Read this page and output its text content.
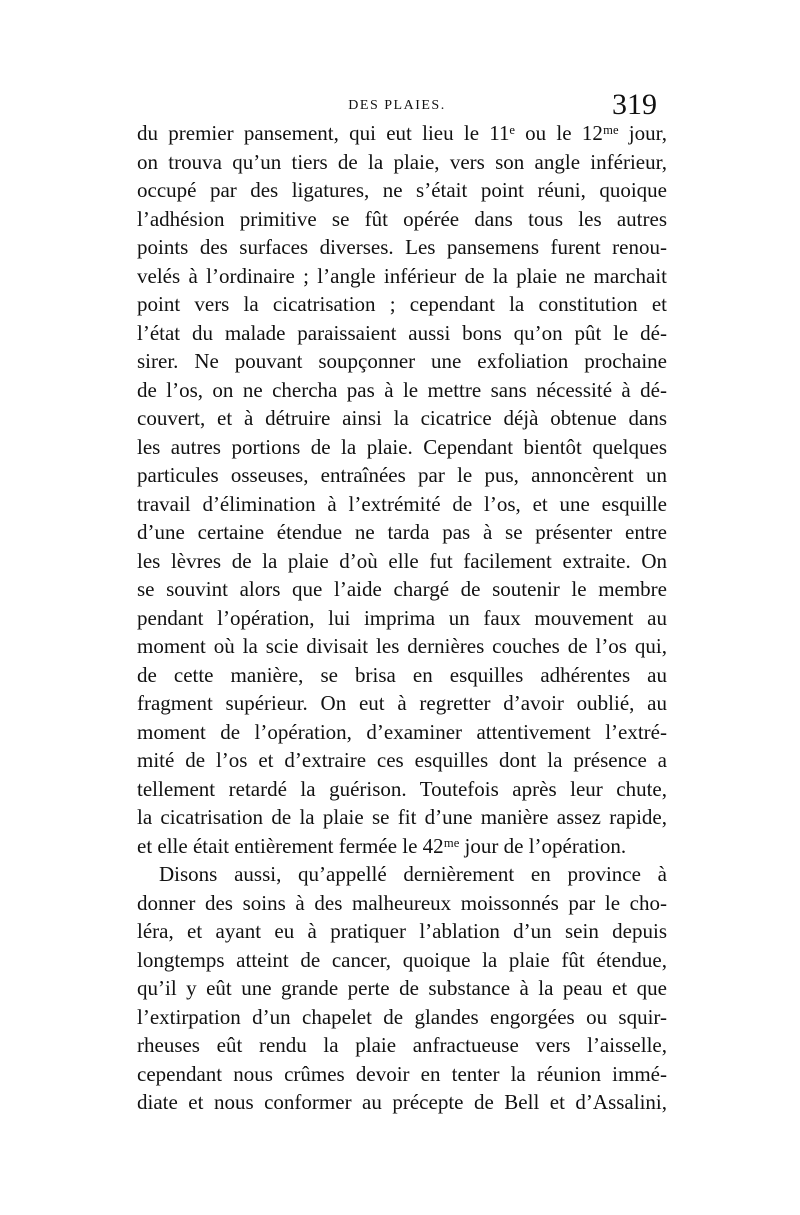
DES PLAIES.	319
du premier pansement, qui eut lieu le 11ᵉ ou le 12ᵐᵉ jour,
on trouva qu’un tiers de la plaie, vers son angle inférieur,
occupé par des ligatures, ne s’était point réuni, quoique
l’adhésion primitive se fût opérée dans tous les autres
points des surfaces diverses. Les pansemens furent renou-
velés à l’ordinaire ; l’angle inférieur de la plaie ne marchait
point vers la cicatrisation ; cependant la constitution et
l’état du malade paraissaient aussi bons qu’on pût le dé-
sirer. Ne pouvant soupçonner une exfoliation prochaine
de l’os, on ne chercha pas à le mettre sans nécessité à dé-
couvert, et à détruire ainsi la cicatrice déjà obtenue dans
les autres portions de la plaie. Cependant bientôt quelques
particules osseuses, entraînées par le pus, annoncèrent un
travail d’élimination à l’extrémité de l’os, et une esquille
d’une certaine étendue ne tarda pas à se présenter entre
les lèvres de la plaie d’où elle fut facilement extraite. On
se souvint alors que l’aide chargé de soutenir le membre
pendant l’opération, lui imprima un faux mouvement au
moment où la scie divisait les dernières couches de l’os qui,
de cette manière, se brisa en esquilles adhérentes au
fragment supérieur. On eut à regretter d’avoir oublié, au
moment de l’opération, d’examiner attentivement l’extré-
mité de l’os et d’extraire ces esquilles dont la présence a
tellement retardé la guérison. Toutefois après leur chute,
la cicatrisation de la plaie se fit d’une manière assez rapide,
et elle était entièrement fermée le 42ᵐᵉ jour de l’opération.
Disons aussi, qu’appellé dernièrement en province à
donner des soins à des malheureux moissonnés par le cho-
léra, et ayant eu à pratiquer l’ablation d’un sein depuis
longtemps atteint de cancer, quoique la plaie fût étendue,
qu’il y eût une grande perte de substance à la peau et que
l’extirpation d’un chapelet de glandes engorgées ou squir-
rheuses eût rendu la plaie anfractueuse vers l’aisselle,
cependant nous crûmes devoir en tenter la réunion immé-
diate et nous conformer au précepte de Bell et d’Assalini,
